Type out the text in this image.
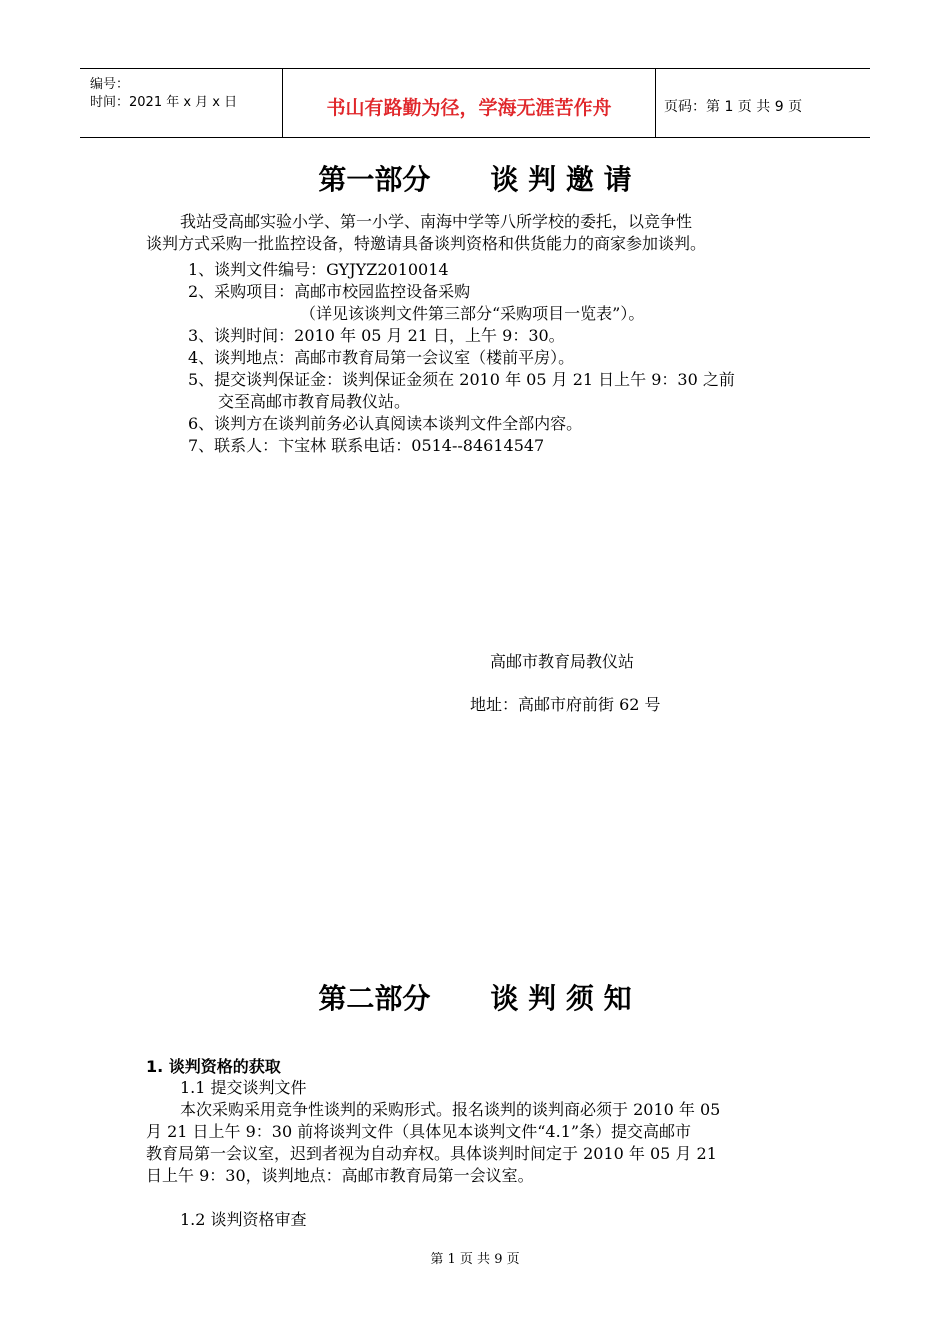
编号：
时间：2021 年 x 月 x 日	书山有路勤为径，学海无涯苦作舟	页码：第 1 页 共 9 页
第一部分 谈 判 邀 请
我站受高邮实验小学、第一小学、南海中学等八所学校的委托，以竞争性
谈判方式采购一批监控设备，特邀请具备谈判资格和供货能力的商家参加谈判。
1、谈判文件编号：GYJYZ2010014
2、采购项目：高邮市校园监控设备采购
（详见该谈判文件第三部分“采购项目一览表”）。
3、谈判时间：2010 年 05 月 21 日，上午 9：30。
4、谈判地点：高邮市教育局第一会议室（楼前平房）。
5、提交谈判保证金：谈判保证金须在 2010 年 05 月 21 日上午 9：30 之前
交至高邮市教育局教仪站。
6、谈判方在谈判前务必认真阅读本谈判文件全部内容。
7、联系人：卞宝林 联系电话：0514--84614547
高邮市教育局教仪站
地址：高邮市府前街 62 号
第二部分 谈 判 须 知
1. 谈判资格的获取
1.1 提交谈判文件
本次采购采用竞争性谈判的采购形式。报名谈判的谈判商必须于 2010 年 05
月 21 日上午 9：30 前将谈判文件（具体见本谈判文件“4.1”条）提交高邮市
教育局第一会议室，迟到者视为自动弃权。具体谈判时间定于 2010 年 05 月 21
日上午 9：30，谈判地点：高邮市教育局第一会议室。
1.2 谈判资格审查
第 1 页 共 9 页
